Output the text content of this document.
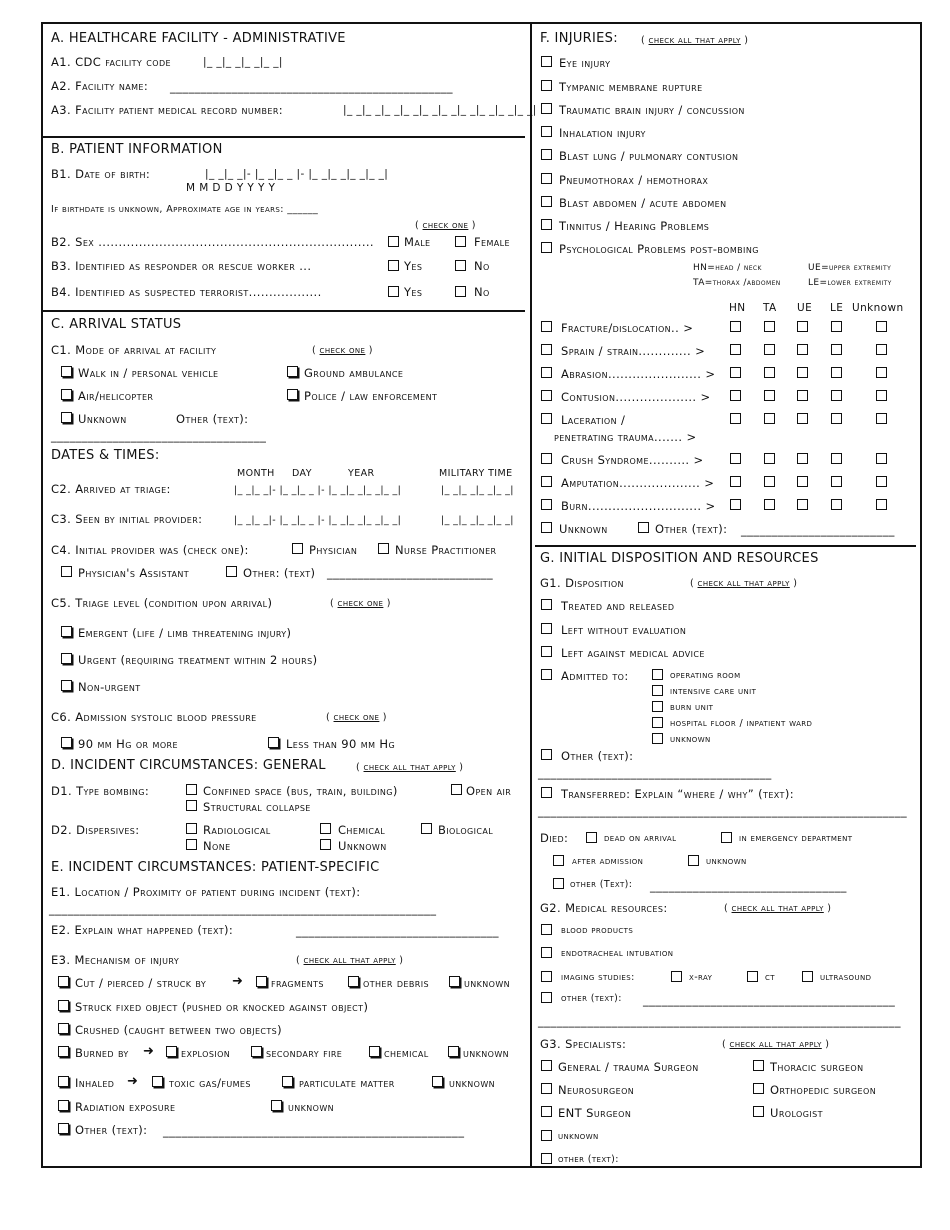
A. HEALTHCARE FACILITY - ADMINISTRATIVE
A1. CDC facility code	|_ _|_ _|_ _|_ _|
A2. Facility name: ______________________________________________
A3. Facility patient medical record number:	|_ _|_ _|_ _|_ _|_ _|_ _|_ _|_ _|_ _|_ _|
B. PATIENT INFORMATION
B1. Date of birth:	|_ _|_ _|- |_ _|_ _ |- |_ _|_ _|_ _|_ _|
M M D D Y Y Y Y
If birthdate is unknown, Approximate age in years: ______
( check one )
B2. Sex ....................................................................	Male	Female
B3. Identified as responder or rescue worker ...	Yes	No
B4. Identified as suspected terrorist..................	Yes	No
C. ARRIVAL STATUS
C1. Mode of arrival at facility	( check one )
Walk in / personal vehicle	Ground ambulance
Air/helicopter	Police / law enforcement
Unknown	Other (text):
___________________________________
DATES & TIMES:
MONTH DAY	YEAR	MILITARY TIME
C2. Arrived at triage:	|_ _|_ _|- |_ _|_ _ |- |_ _|_ _|_ _|_ _|	|_ _|_ _|_ _|_ _|
C3. Seen by initial provider:	|_ _|_ _|- |_ _|_ _ |- |_ _|_ _|_ _|_ _|	|_ _|_ _|_ _|_ _|
C4. Initial provider was (check one):	Physician	Nurse Practitioner
Physician's Assistant	Other: (text) ___________________________
C5. Triage level (condition upon arrival)	( check one )
Emergent (life / limb threatening injury)
Urgent (requiring treatment within 2 hours)
Non-urgent
C6. Admission systolic blood pressure	( check one )
90 mm Hg or more	Less than 90 mm Hg
D. INCIDENT CIRCUMSTANCES: GENERAL	( check all that apply )
D1. Type bombing:	Confined space (bus, train, building)	Open air
Structural collapse
D2. Dispersives:	Radiological	Chemical	Biological
None	Unknown
E. INCIDENT CIRCUMSTANCES: PATIENT-SPECIFIC
E1. Location / Proximity of patient during incident (text):
_______________________________________________________________
E2. Explain what happened (text):	_________________________________
E3. Mechanism of injury	( check all that apply )
Cut / pierced / struck by ➜ fragments	other debris	unknown
Struck fixed object (pushed or knocked against object)
Crushed (caught between two objects)
Burned by ➜ explosion	secondary fire	chemical	unknown
Inhaled ➜	toxic gas/fumes	particulate matter	unknown
Radiation exposure	unknown
Other (text): _________________________________________________
F. INJURIES: ( check all that apply )
Eye injury
Tympanic membrane rupture
Traumatic brain injury / concussion
Inhalation injury
Blast lung / pulmonary contusion
Pneumothorax / hemothorax
Blast abdomen / acute abdomen
Tinnitus / Hearing Problems
Psychological Problems post-bombing
HN=head / neck	UE=upper extremity
TA=thorax /abdomen	LE=lower extremity
HN TA UE LE Unknown
Fracture/dislocation.. >
Sprain / strain............. >
Abrasion....................... >
Contusion.................... >
Laceration /
penetrating trauma....... >
Crush Syndrome.......... >
Amputation.................... >
Burn............................ >
Unknown	Other (text): _________________________
G. INITIAL DISPOSITION AND RESOURCES
G1. Disposition	( check all that apply )
Treated and released
Left without evaluation
Left against medical advice
Admitted to:	operating room
intensive care unit
burn unit
hospital floor / inpatient ward
unknown
Other (text):
______________________________________
Transferred: Explain “where / why” (text):
____________________________________________________________
Died:	dead on arrival	in emergency department
after admission	unknown
other (Text): ________________________________
G2. Medical resources:	( check all that apply )
blood products
endotracheal intubation
imaging studies:	x-ray	ct	ultrasound
other (text): _________________________________________
___________________________________________________________
G3. Specialists:	( check all that apply )
General / trauma Surgeon	Thoracic surgeon
Neurosurgeon	Orthopedic surgeon
ENT Surgeon	Urologist
unknown
other (text): _________________________________________
